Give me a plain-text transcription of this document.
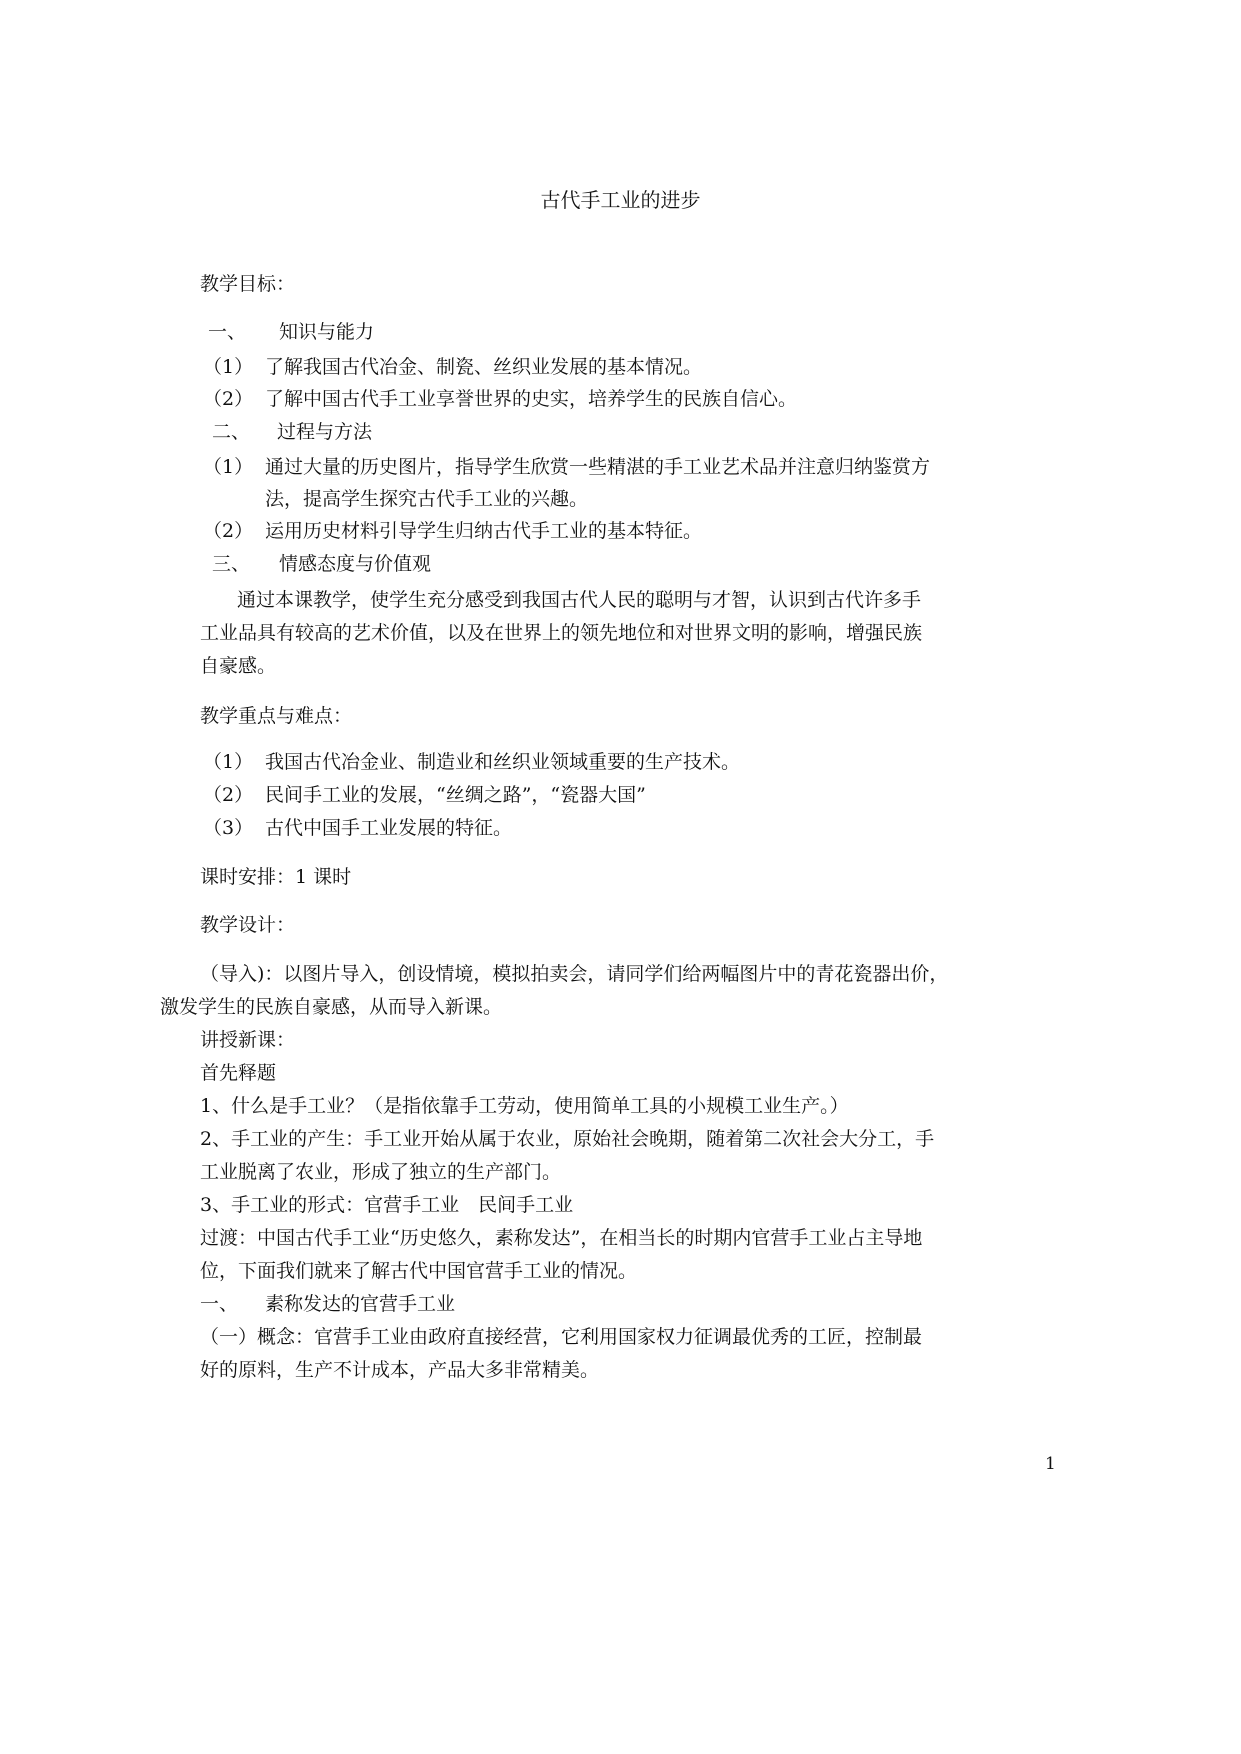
古代手工业的进步
教学目标：
一、 知识与能力
（1） 了解我国古代冶金、制瓷、丝织业发展的基本情况。
（2） 了解中国古代手工业享誉世界的史实，培养学生的民族自信心。
二、 过程与方法
（1） 通过大量的历史图片，指导学生欣赏一些精湛的手工业艺术品并注意归纳鉴赏方
法，提高学生探究古代手工业的兴趣。
（2） 运用历史材料引导学生归纳古代手工业的基本特征。
三、 情感态度与价值观
通过本课教学，使学生充分感受到我国古代人民的聪明与才智，认识到古代许多手
工业品具有较高的艺术价值，以及在世界上的领先地位和对世界文明的影响，增强民族
自豪感。
教学重点与难点：
（1） 我国古代冶金业、制造业和丝织业领域重要的生产技术。
（2） 民间手工业的发展，“丝绸之路”，“瓷器大国”
（3） 古代中国手工业发展的特征。
课时安排：1 课时
教学设计：
（导入)：以图片导入，创设情境，模拟拍卖会，请同学们给两幅图片中的青花瓷器出价，
激发学生的民族自豪感，从而导入新课。
讲授新课：
首先释题
1、什么是手工业？（是指依靠手工劳动，使用简单工具的小规模工业生产。）
2、手工业的产生：手工业开始从属于农业，原始社会晚期，随着第二次社会大分工，手
工业脱离了农业，形成了独立的生产部门。
3、手工业的形式：官营手工业　民间手工业
过渡：中国古代手工业“历史悠久，素称发达”，在相当长的时期内官营手工业占主导地
位，下面我们就来了解古代中国官营手工业的情况。
一、 素称发达的官营手工业
（一）概念：官营手工业由政府直接经营，它利用国家权力征调最优秀的工匠，控制最
好的原料，生产不计成本，产品大多非常精美。
1
